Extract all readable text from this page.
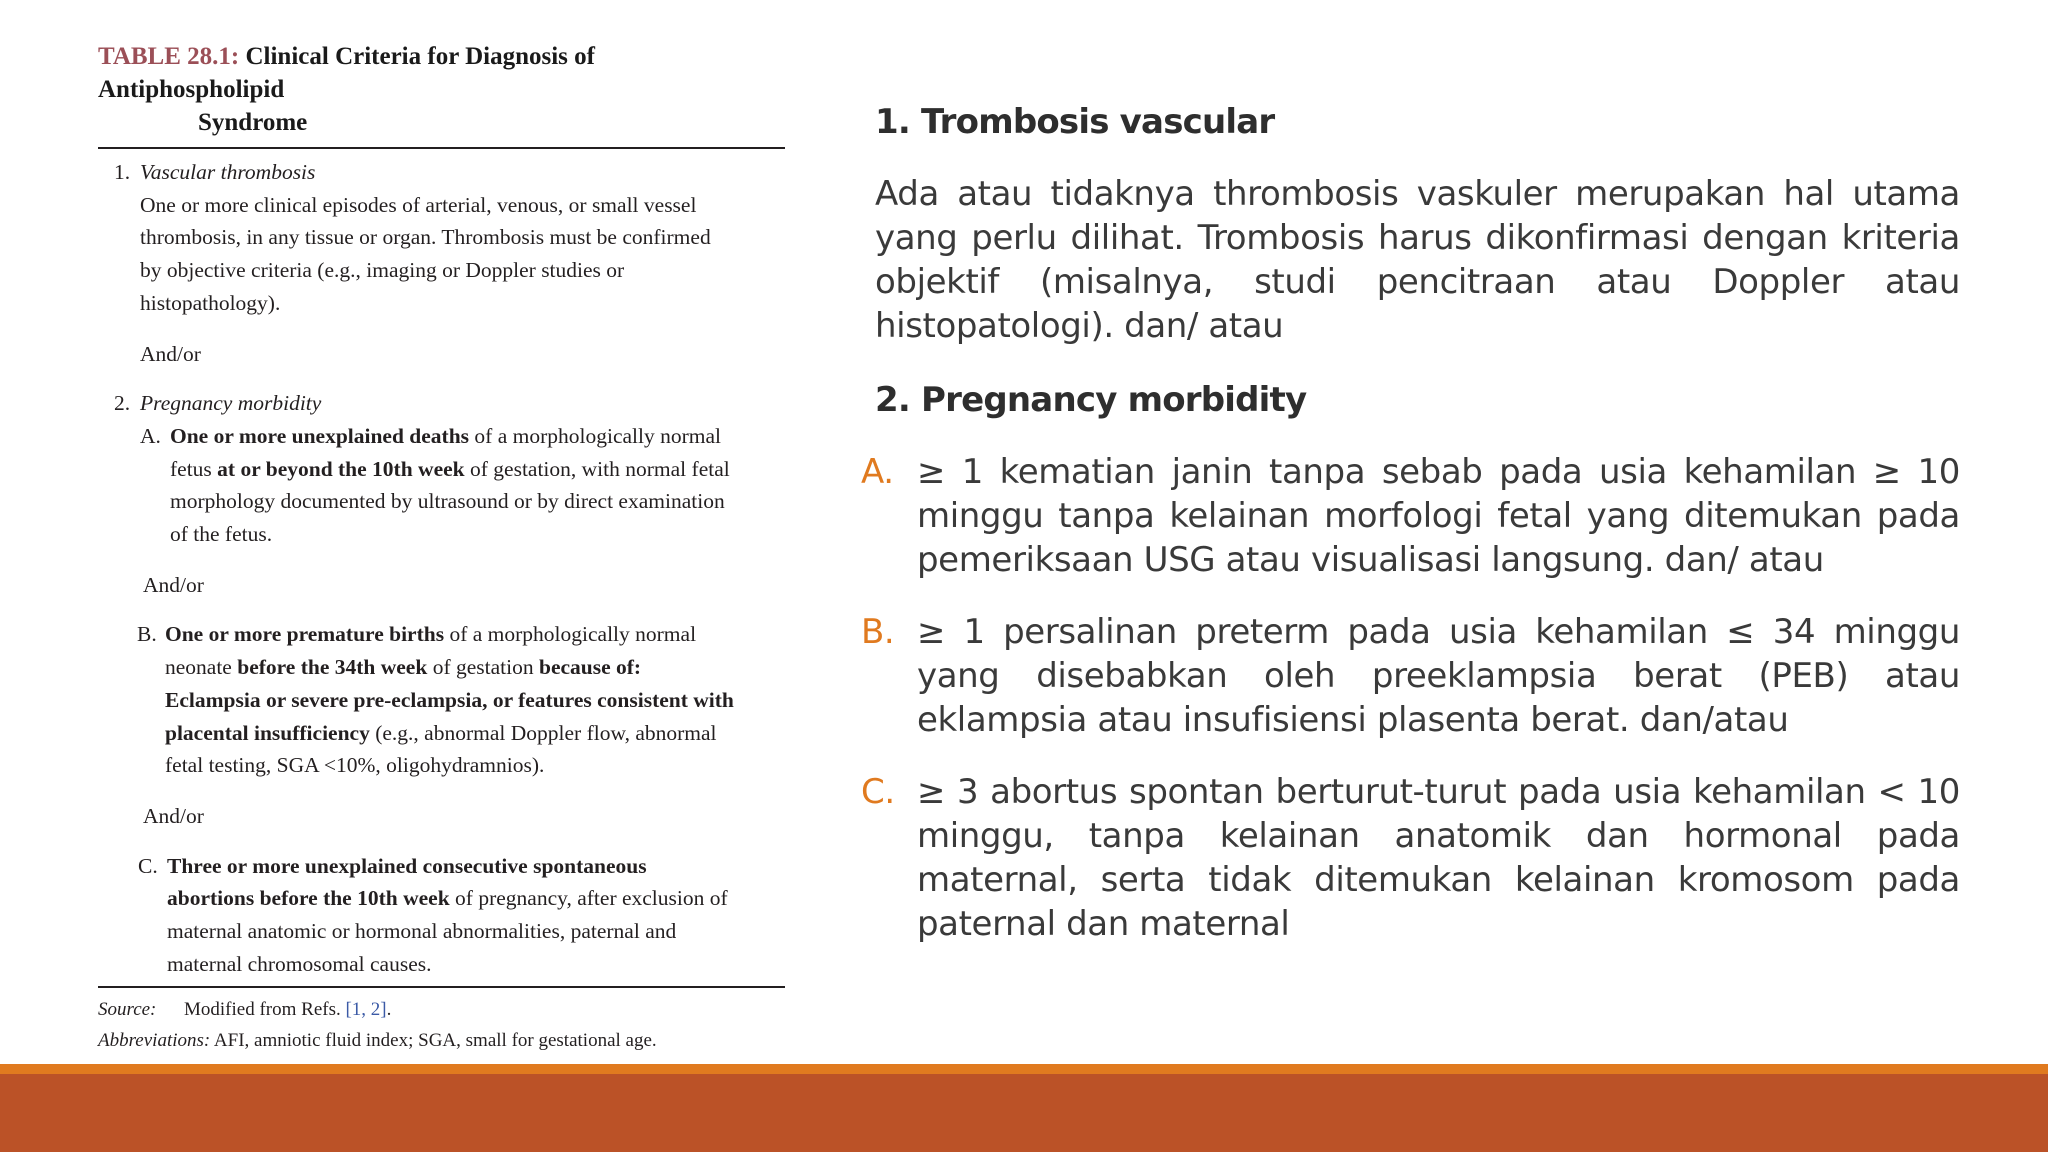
TABLE 28.1: Clinical Criteria for Diagnosis of Antiphospholipid
Syndrome
1. Vascular thrombosis
One or more clinical episodes of arterial, venous, or small vessel
thrombosis, in any tissue or organ. Thrombosis must be confirmed
by objective criteria (e.g., imaging or Doppler studies or
histopathology).
And/or
2. Pregnancy morbidity
A. One or more unexplained deaths of a morphologically normal
fetus at or beyond the 10th week of gestation, with normal fetal
morphology documented by ultrasound or by direct examination
of the fetus.
And/or
B. One or more premature births of a morphologically normal
neonate before the 34th week of gestation because of:
Eclampsia or severe pre-eclampsia, or features consistent with
placental insufficiency (e.g., abnormal Doppler flow, abnormal
fetal testing, SGA <10%, oligohydramnios).
And/or
C. Three or more unexplained consecutive spontaneous
abortions before the 10th week of pregnancy, after exclusion of
maternal anatomic or hormonal abnormalities, paternal and
maternal chromosomal causes.
Source: Modified from Refs. [1, 2].
Abbreviations: AFI, amniotic fluid index; SGA, small for gestational age.
1. Trombosis vascular
Ada atau tidaknya thrombosis vaskuler merupakan hal utama yang perlu dilihat. Trombosis harus dikonfirmasi dengan kriteria objektif (misalnya, studi pencitraan atau Doppler atau histopatologi). dan/ atau
2. Pregnancy morbidity
A. ≥ 1 kematian janin tanpa sebab pada usia kehamilan ≥ 10 minggu tanpa kelainan morfologi fetal yang ditemukan pada pemeriksaan USG atau visualisasi langsung. dan/ atau
B. ≥ 1 persalinan preterm pada usia kehamilan ≤ 34 minggu yang disebabkan oleh preeklampsia berat (PEB) atau eklampsia atau insufisiensi plasenta berat. dan/atau
C. ≥ 3 abortus spontan berturut-turut pada usia kehamilan < 10 minggu, tanpa kelainan anatomik dan hormonal pada maternal, serta tidak ditemukan kelainan kromosom pada paternal dan maternal
